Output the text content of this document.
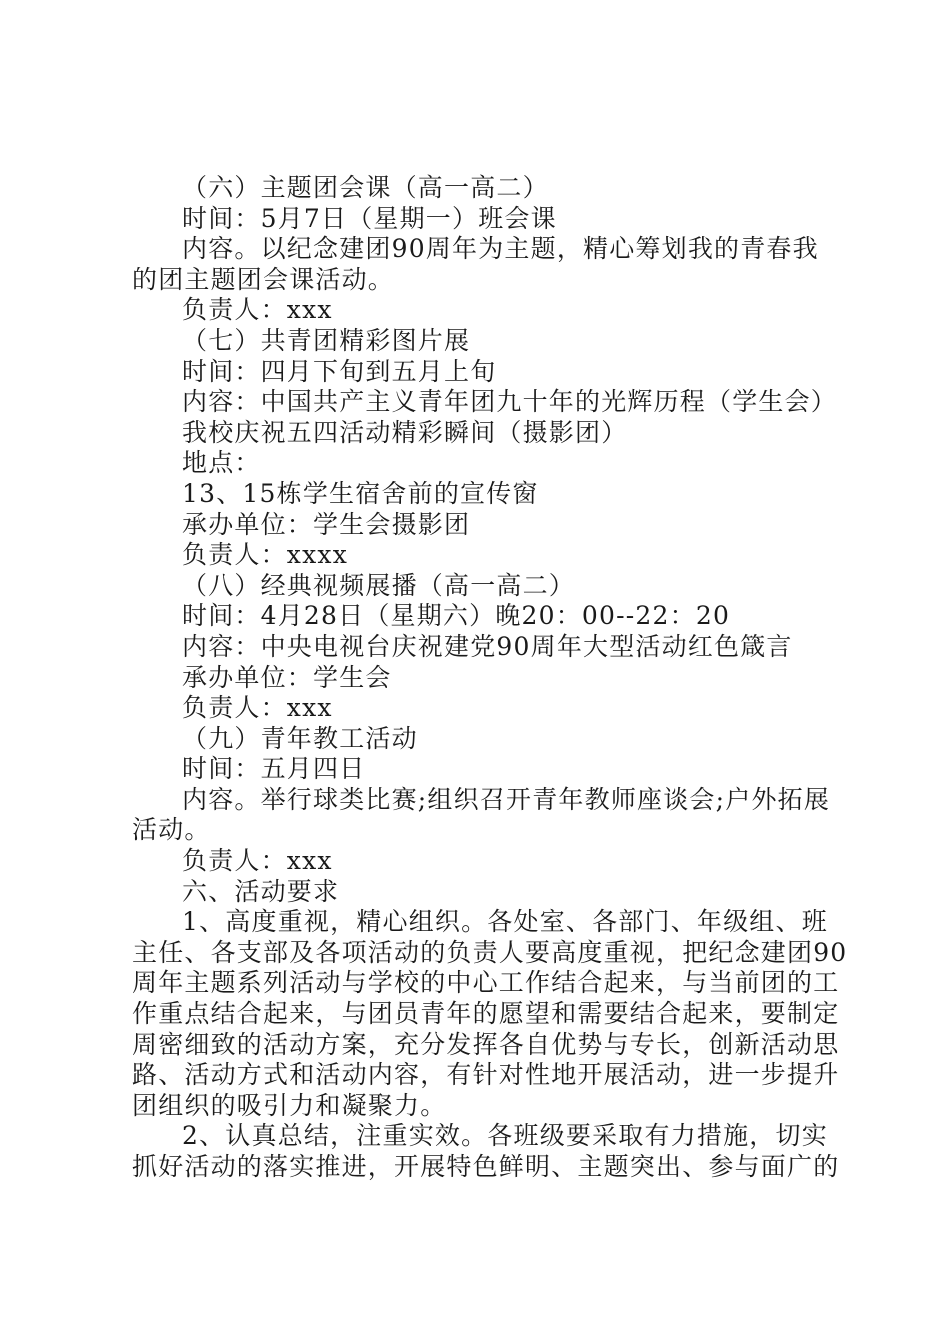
（六）主题团会课（高一高二）
时间：5月7日（星期一）班会课
内容。以纪念建团90周年为主题，精心筹划我的青春我
的团主题团会课活动。
负责人：xxx
（七）共青团精彩图片展
时间：四月下旬到五月上旬
内容：中国共产主义青年团九十年的光辉历程（学生会）
我校庆祝五四活动精彩瞬间（摄影团）
地点：
13、15栋学生宿舍前的宣传窗
承办单位：学生会摄影团
负责人：xxxx
（八）经典视频展播（高一高二）
时间：4月28日（星期六）晚20：00--22：20
内容：中央电视台庆祝建党90周年大型活动红色箴言
承办单位：学生会
负责人：xxx
（九）青年教工活动
时间：五月四日
内容。举行球类比赛;组织召开青年教师座谈会;户外拓展
活动。
负责人：xxx
六、活动要求
1、高度重视，精心组织。各处室、各部门、年级组、班
主任、各支部及各项活动的负责人要高度重视，把纪念建团90
周年主题系列活动与学校的中心工作结合起来，与当前团的工
作重点结合起来，与团员青年的愿望和需要结合起来，要制定
周密细致的活动方案，充分发挥各自优势与专长，创新活动思
路、活动方式和活动内容，有针对性地开展活动，进一步提升
团组织的吸引力和凝聚力。
2、认真总结，注重实效。各班级要采取有力措施，切实
抓好活动的落实推进，开展特色鲜明、主题突出、参与面广的
